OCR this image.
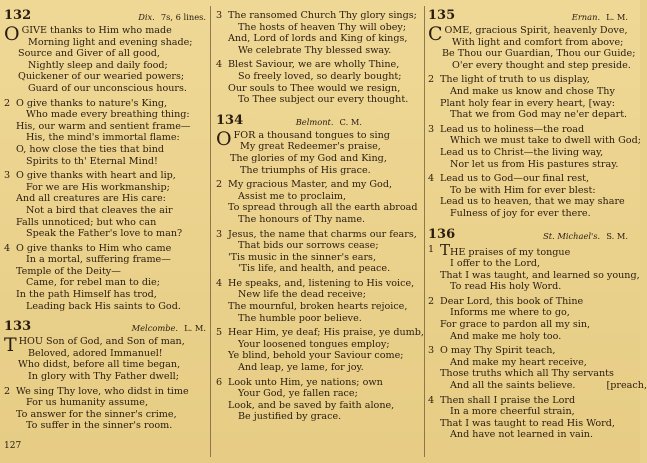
132	Dix. 7s, 6 lines.
O GIVE thanks to Him who made
Morning light and evening shade;
Source and Giver of all good,
Nightly sleep and daily food;
Quickener of our wearied powers;
Guard of our unconscious hours.
2 O give thanks to nature's King,
Who made every breathing thing:
His, our warm and sentient frame—
His, the mind's immortal flame:
O, how close the ties that bind
Spirits to th' Eternal Mind!
3 O give thanks with heart and lip,
For we are His workmanship;
And all creatures are His care:
Not a bird that cleaves the air
Falls unnoticed; but who can
Speak the Father's love to man?
4 O give thanks to Him who came
In a mortal, suffering frame—
Temple of the Deity—
Came, for rebel man to die;
In the path Himself has trod,
Leading back His saints to God.
133	Melcombe. L. M.
T HOU Son of God, and Son of man,
Beloved, adored Immanuel!
Who didst, before all time began,
In glory with Thy Father dwell;
2 We sing Thy love, who didst in time
For us humanity assume,
To answer for the sinner's crime,
To suffer in the sinner's room.
3 The ransomed Church Thy glory sings;
The hosts of heaven Thy will obey;
And, Lord of lords and King of kings,
We celebrate Thy blessed sway.
4 Blest Saviour, we are wholly Thine,
So freely loved, so dearly bought;
Our souls to Thee would we resign,
To Thee subject our every thought.
134	Belmont. C. M.
O FOR a thousand tongues to sing
My great Redeemer's praise,
The glories of my God and King,
The triumphs of His grace.
2 My gracious Master, and my God,
Assist me to proclaim,
To spread through all the earth abroad
The honours of Thy name.
3 Jesus, the name that charms our fears,
That bids our sorrows cease;
'Tis music in the sinner's ears,
'Tis life, and health, and peace.
4 He speaks, and, listening to His voice,
New life the dead receive;
The mournful, broken hearts rejoice,
The humble poor believe.
5 Hear Him, ye deaf; His praise, ye dumb,
Your loosened tongues employ;
Ye blind, behold your Saviour come;
And leap, ye lame, for joy.
6 Look unto Him, ye nations; own
Your God, ye fallen race;
Look, and be saved by faith alone,
Be justified by grace.
135	Ernan. L. M.
C OME, gracious Spirit, heavenly Dove,
With light and comfort from above;
Be Thou our Guardian, Thou our Guide;
O'er every thought and step preside.
2 The light of truth to us display,
And make us know and chose Thy
Plant holy fear in every heart, [way:
That we from God may ne'er depart.
3 Lead us to holiness—the road
Which we must take to dwell with God;
Lead us to Christ—the living way,
Nor let us from His pastures stray.
4 Lead us to God—our final rest,
To be with Him for ever blest:
Lead us to heaven, that we may share
Fulness of joy for ever there.
136	St. Michael's. S. M.
1 THE praises of my tongue
I offer to the Lord,
That I was taught, and learned so young,
To read His holy Word.
2 Dear Lord, this book of Thine
Informs me where to go,
For grace to pardon all my sin,
And make me holy too.
3 O may Thy Spirit teach,
And make my heart receive,
Those truths which all Thy servants
And all the saints believe.	[preach,
4 Then shall I praise the Lord
In a more cheerful strain,
That I was taught to read His Word,
And have not learned in vain.
127
